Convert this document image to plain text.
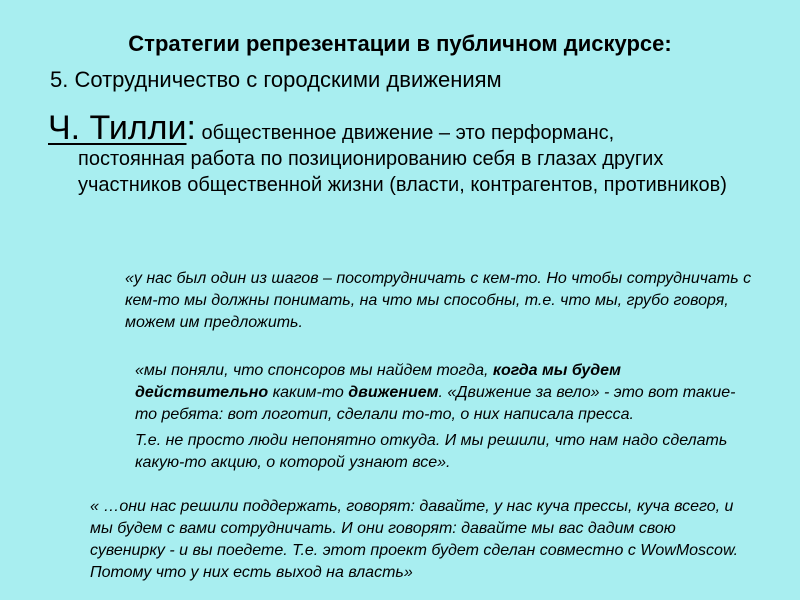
Стратегии репрезентации в публичном дискурсе:
5. Сотрудничество с городскими движениям
Ч. Тилли: общественное движение – это перформанс,
постоянная работа по позиционированию себя в глазах других участников общественной жизни (власти, контрагентов, противников)
«у нас был один из шагов – посотрудничать с кем-то. Но чтобы сотрудничать с кем-то мы должны понимать, на что мы способны, т.е. что мы, грубо говоря, можем им предложить.
«мы поняли, что спонсоров мы найдем тогда, когда мы будем действительно каким-то движением. «Движение за вело» - это вот такие-то ребята: вот логотип, сделали то-то, о них написала пресса.
Т.е. не просто люди непонятно откуда. И мы решили, что нам надо сделать какую-то акцию, о которой узнают все».
« …они нас решили поддержать, говорят: давайте, у нас куча прессы, куча всего, и мы будем с вами сотрудничать. И они говорят: давайте мы вас дадим свою сувенирку - и вы поедете. Т.е. этот проект будет сделан совместно с WowMoscow. Потому что у них есть выход на власть»
